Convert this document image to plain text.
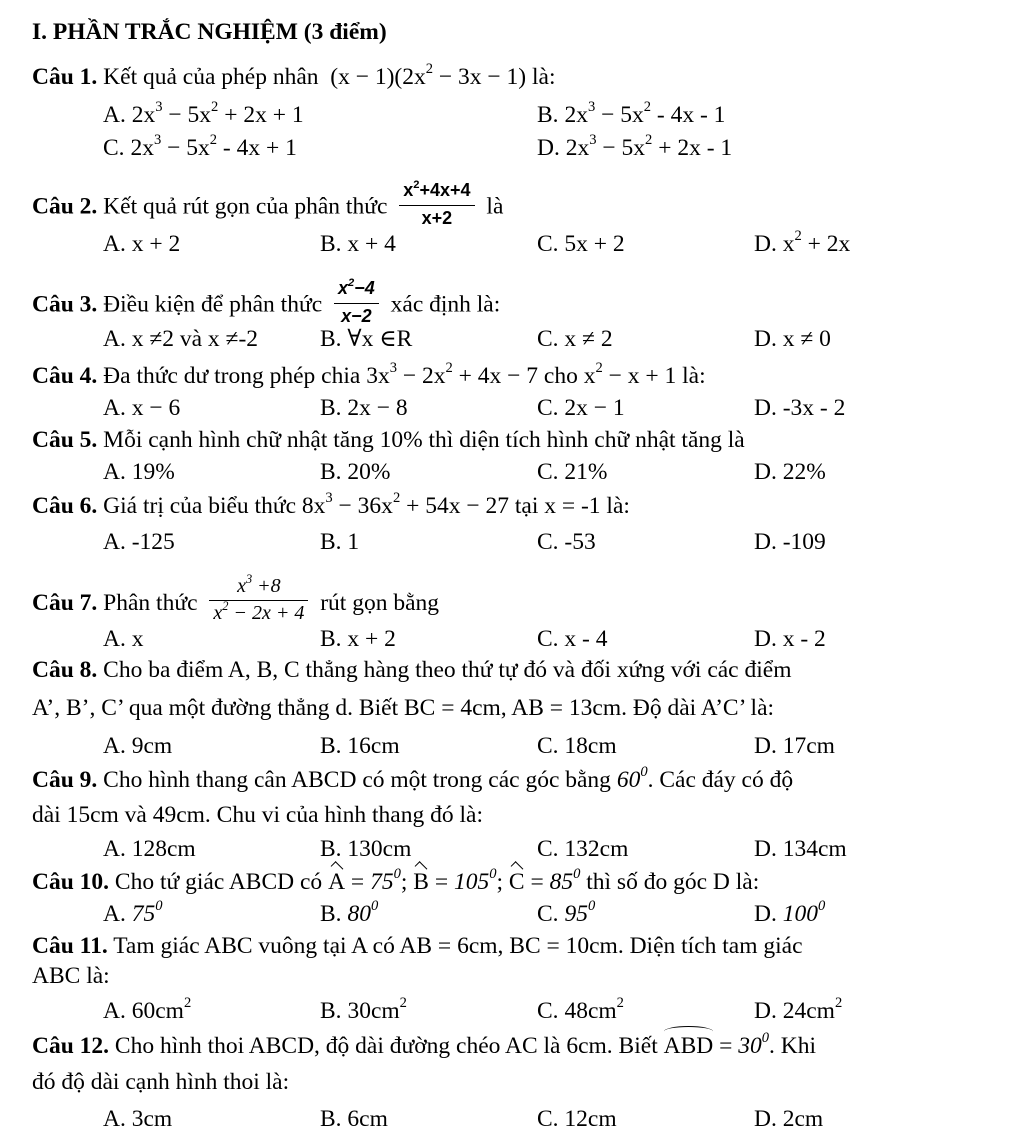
I. PHẦN TRẮC NGHIỆM (3 điểm)
Câu 1. Kết quả của phép nhân  $(x - 1)(2x^2 - 3x - 1)$ là:
A. $2x^3 - 5x^2 + 2x + 1$	B. $2x^3 - 5x^2 - 4x - 1$
C. $2x^3 - 5x^2 - 4x + 1$	D. $2x^3 - 5x^2 + 2x - 1$
Câu 2. Kết quả rút gọn của phân thức $\frac{x^2+4x+4}{x+2}$ là
A. x + 2	B. x + 4	C. 5x + 2	D. $x^2 + 2x$
Câu 3. Điều kiện để phân thức $\frac{x^2-4}{x-2}$ xác định là:
A. x ≠2 và x ≠-2	B. ∀x ∈R	C. x ≠ 2	D. x ≠ 0
Câu 4. Đa thức dư trong phép chia $3x^3 - 2x^2 + 4x - 7$ cho $x^2 - x + 1$ là:
A. x − 6	B. 2x − 8	C. 2x − 1	D. -3x - 2
Câu 5. Mỗi cạnh hình chữ nhật tăng 10% thì diện tích hình chữ nhật tăng là
A. 19%	B. 20%	C. 21%	D. 22%
Câu 6. Giá trị của biểu thức $8x^3 - 36x^2 + 54x - 27$ tại x = -1 là:
A. -125	B. 1	C. -53	D. -109
Câu 7. Phân thức $\frac{x^3 +8}{x^2 - 2x + 4}$ rút gọn bằng
A. x	B. x + 2	C. x - 4	D. x - 2
Câu 8. Cho ba điểm A, B, C thẳng hàng theo thứ tự đó và đối xứng với các điểm
A’, B’, C’ qua một đường thẳng d. Biết BC = 4cm, AB = 13cm. Độ dài A’C’ là:
A. 9cm	B. 16cm	C. 18cm	D. 17cm
Câu 9. Cho hình thang cân ABCD có một trong các góc bằng $60^0$. Các đáy có độ
dài 15cm và 49cm. Chu vi của hình thang đó là:
A. 128cm	B. 130cm	C. 132cm	D. 134cm
Câu 10. Cho tứ giác ABCD có $A = 75^0$; $B = 105^0$; $C = 85^0$ thì số đo góc D là:
A. $75^0$	B. $80^0$	C. $95^0$	D. $100^0$
Câu 11. Tam giác ABC vuông tại A có AB = 6cm, BC = 10cm. Diện tích tam giác
ABC là:
A. $60cm^2$	B. $30cm^2$	C. $48cm^2$	D. $24cm^2$
Câu 12. Cho hình thoi ABCD, độ dài đường chéo AC là 6cm. Biết ABD = $30^0$. Khi
đó độ dài cạnh hình thoi là:
A. 3cm	B. 6cm	C. 12cm	D. 2cm
